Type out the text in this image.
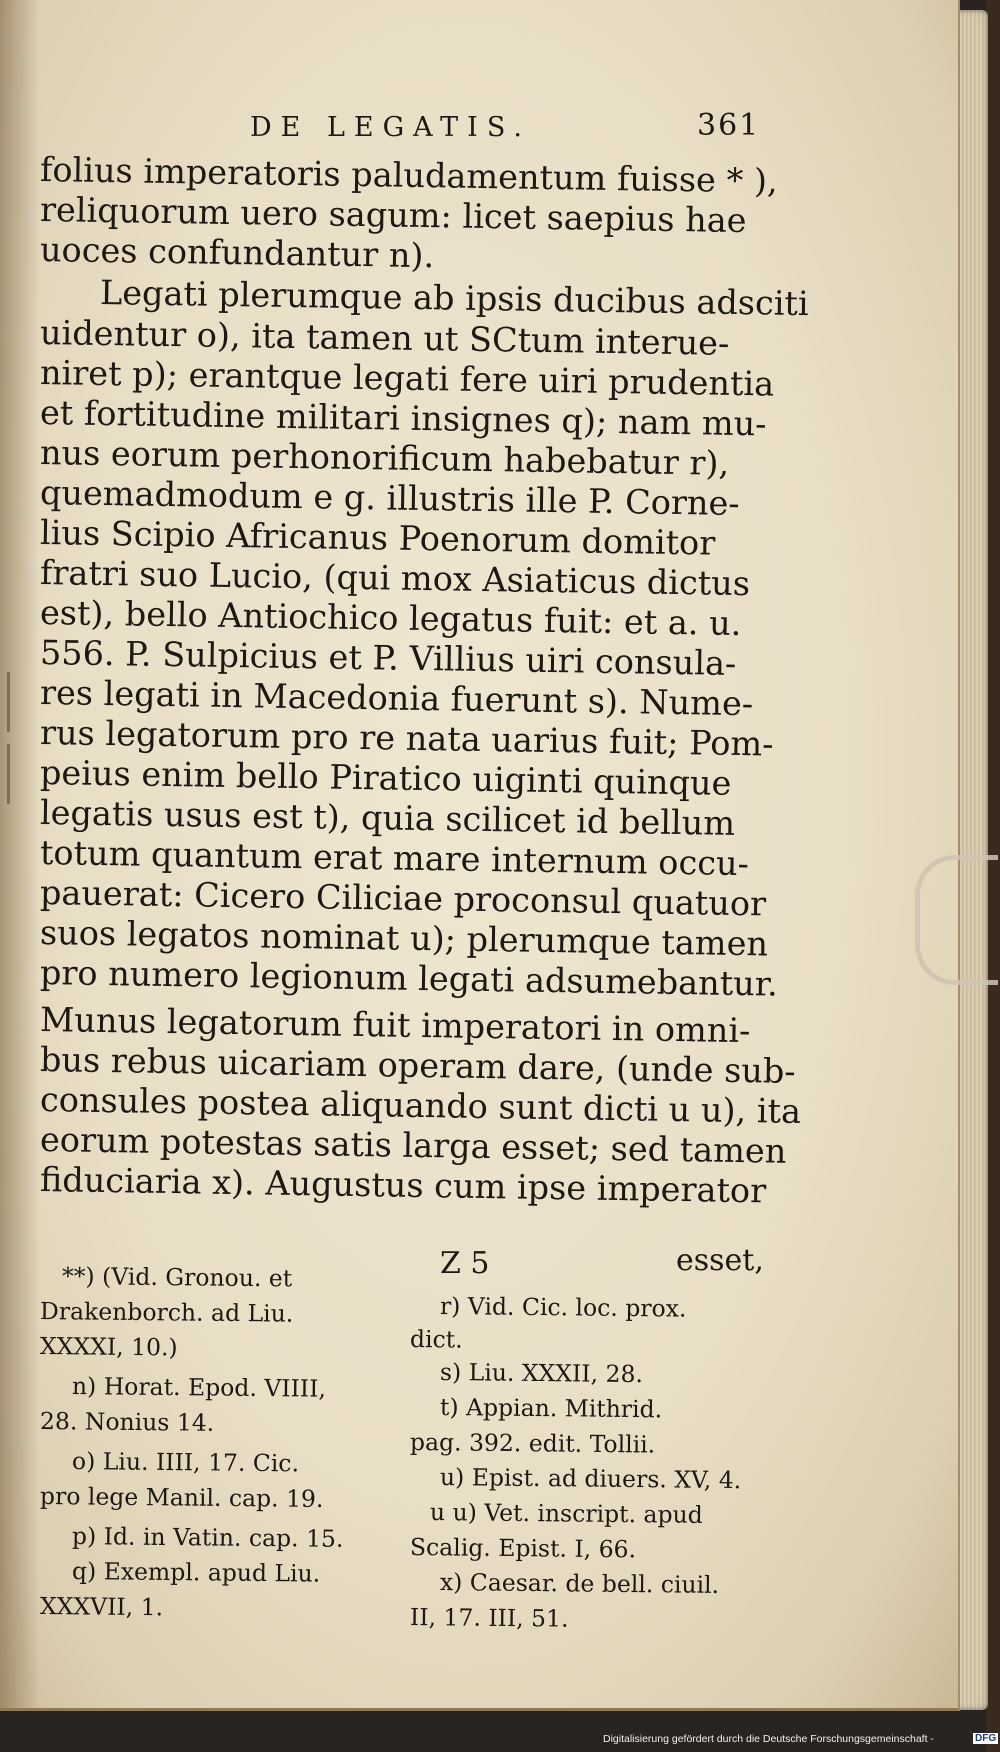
DE LEGATIS.	361
folius imperatoris paludamentum fuisse * ),
reliquorum uero sagum: licet saepius hae
uoces confundantur n).
Legati plerumque ab ipsis ducibus adsciti
uidentur o), ita tamen ut SCtum interue-
niret p); erantque legati fere uiri prudentia
et fortitudine militari insignes q); nam mu-
nus eorum perhonorificum habebatur r),
quemadmodum e g. illustris ille P. Corne-
lius Scipio Africanus Poenorum domitor
fratri suo Lucio, (qui mox Asiaticus dictus
est), bello Antiochico legatus fuit: et a. u.
556. P. Sulpicius et P. Villius uiri consula-
res legati in Macedonia fuerunt s). Nume-
rus legatorum pro re nata uarius fuit; Pom-
peius enim bello Piratico uiginti quinque
legatis usus est t), quia scilicet id bellum
totum quantum erat mare internum occu-
pauerat: Cicero Ciliciae proconsul quatuor
suos legatos nominat u); plerumque tamen
pro numero legionum legati adsumebantur.
Munus legatorum fuit imperatori in omni-
bus rebus uicariam operam dare, (unde sub-
consules postea aliquando sunt dicti u u), ita
eorum potestas satis larga esset; sed tamen
fiduciaria x). Augustus cum ipse imperator
Z 5	esset,
**) (Vid. Gronou. et
Drakenborch. ad Liu.
XXXXI, 10.)
n) Horat. Epod. VIIII,
28. Nonius 14.
o) Liu. IIII, 17. Cic.
pro lege Manil. cap. 19.
p) Id. in Vatin. cap. 15.
q) Exempl. apud Liu.
XXXVII, 1.
r) Vid. Cic. loc. prox.
dict.
s) Liu. XXXII, 28.
t) Appian. Mithrid.
pag. 392. edit. Tollii.
u) Epist. ad diuers. XV, 4.
u u) Vet. inscript. apud
Scalig. Epist. I, 66.
x) Caesar. de bell. ciuil.
II, 17. III, 51.
Digitalisierung gefördert durch die Deutsche Forschungsgemeinschaft -	DFG
